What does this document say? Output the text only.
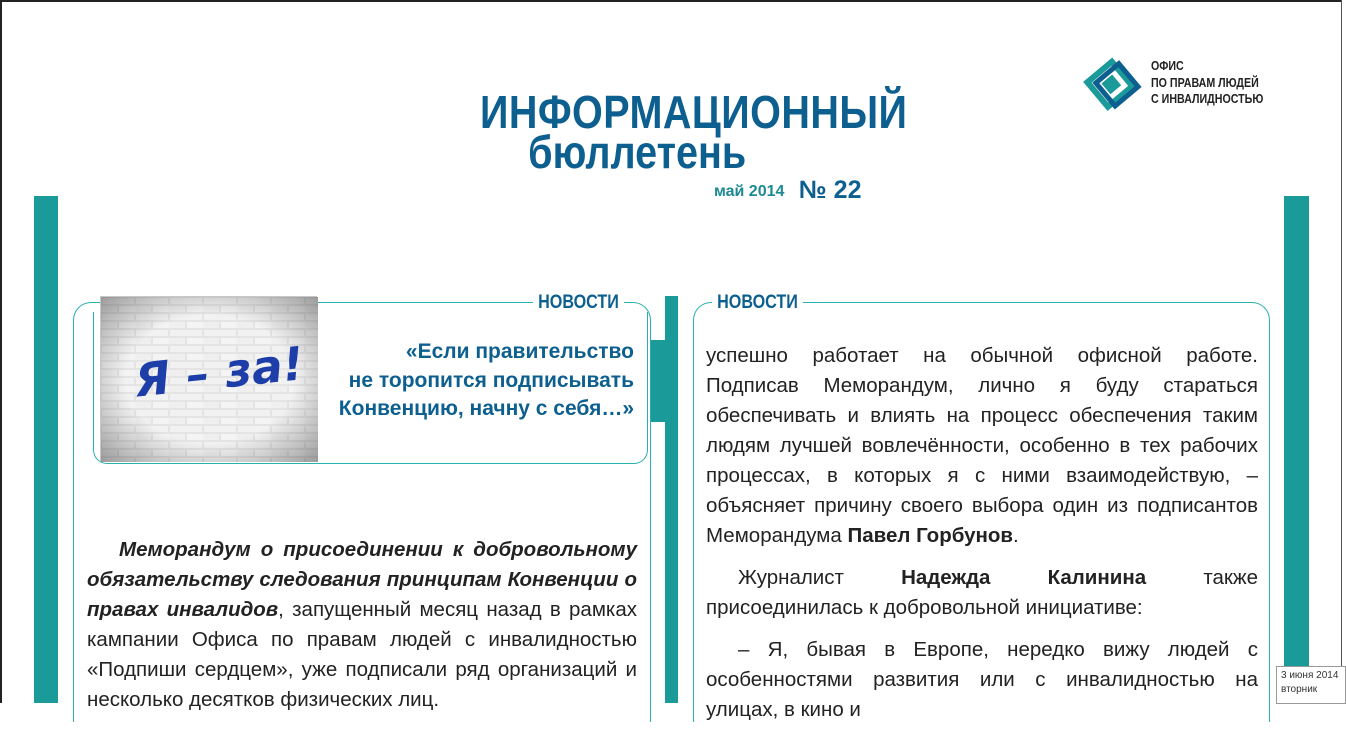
ИНФОРМАЦИОННЫЙ
бюллетень
май 2014 № 22
ОФИС
ПО ПРАВАМ ЛЮДЕЙ
С ИНВАЛИДНОСТЬЮ
Я – за!
НОВОСТИ	НОВОСТИ
«Если правительство
не торопится подписывать
Конвенцию, начну с себя…»

Меморандум о присоединении к добровольному обязательству следования принципам Конвенции о правах инвалидов, запущенный месяц назад в рамках кампании Офиса по правам людей с инвалидностью «Подпиши сердцем», уже подписали ряд организаций и несколько десятков физических лиц.

успешно работает на обычной офисной работе. Подписав Меморандум, лично я буду стараться обеспечивать и влиять на процесс обеспечения таким людям лучшей вовлечённости, особенно в тех рабочих процессах, в которых я с ними взаимодействую, – объясняет причину своего выбора один из подписантов Меморандума Павел Горбунов.

Журналист Надежда Калинина также присоединилась к добровольной инициативе:

– Я, бывая в Европе, нередко вижу людей с особенностями развития или с инвалидностью на улицах, в кино и

3 июня 2014
вторник
